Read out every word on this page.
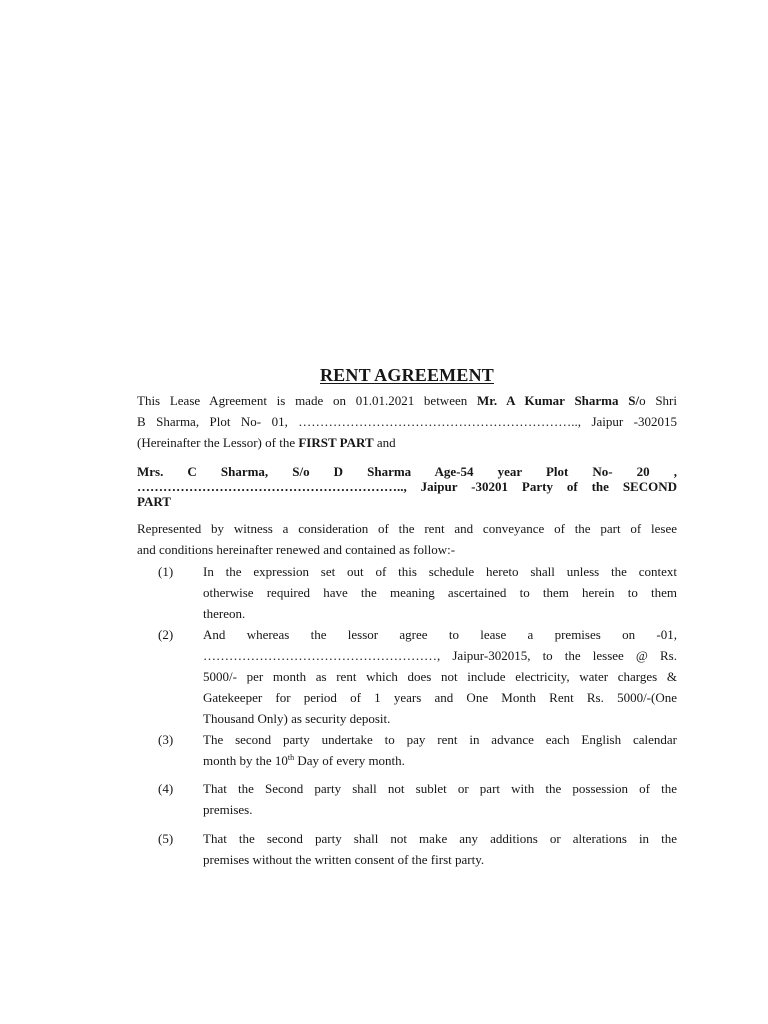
RENT AGREEMENT
This Lease Agreement is made on 01.01.2021 between Mr. A Kumar Sharma S/o Shri
B Sharma, Plot No- 01, ……………………………………………………….., Jaipur -302015
(Hereinafter the Lessor) of the FIRST PART and
Mrs. C Sharma, S/o D Sharma Age-54 year Plot No- 20 ,
…………………………………………………….., Jaipur -30201 Party of the SECOND
PART
Represented by witness a consideration of the rent and conveyance of the part of lesee
and conditions hereinafter renewed and contained as follow:-
(1) In the expression set out of this schedule hereto shall unless the context
otherwise required have the meaning ascertained to them herein to them
thereon.
(2) And whereas the lessor agree to lease a premises on -01,
………………………………………………, Jaipur-302015, to the lessee @ Rs.
5000/- per month as rent which does not include electricity, water charges &
Gatekeeper for period of 1 years and One Month Rent Rs. 5000/-(One
Thousand Only) as security deposit.
(3) The second party undertake to pay rent in advance each English calendar
month by the 10th Day of every month.
(4) That the Second party shall not sublet or part with the possession of the
premises.
(5) That the second party shall not make any additions or alterations in the
premises without the written consent of the first party.
